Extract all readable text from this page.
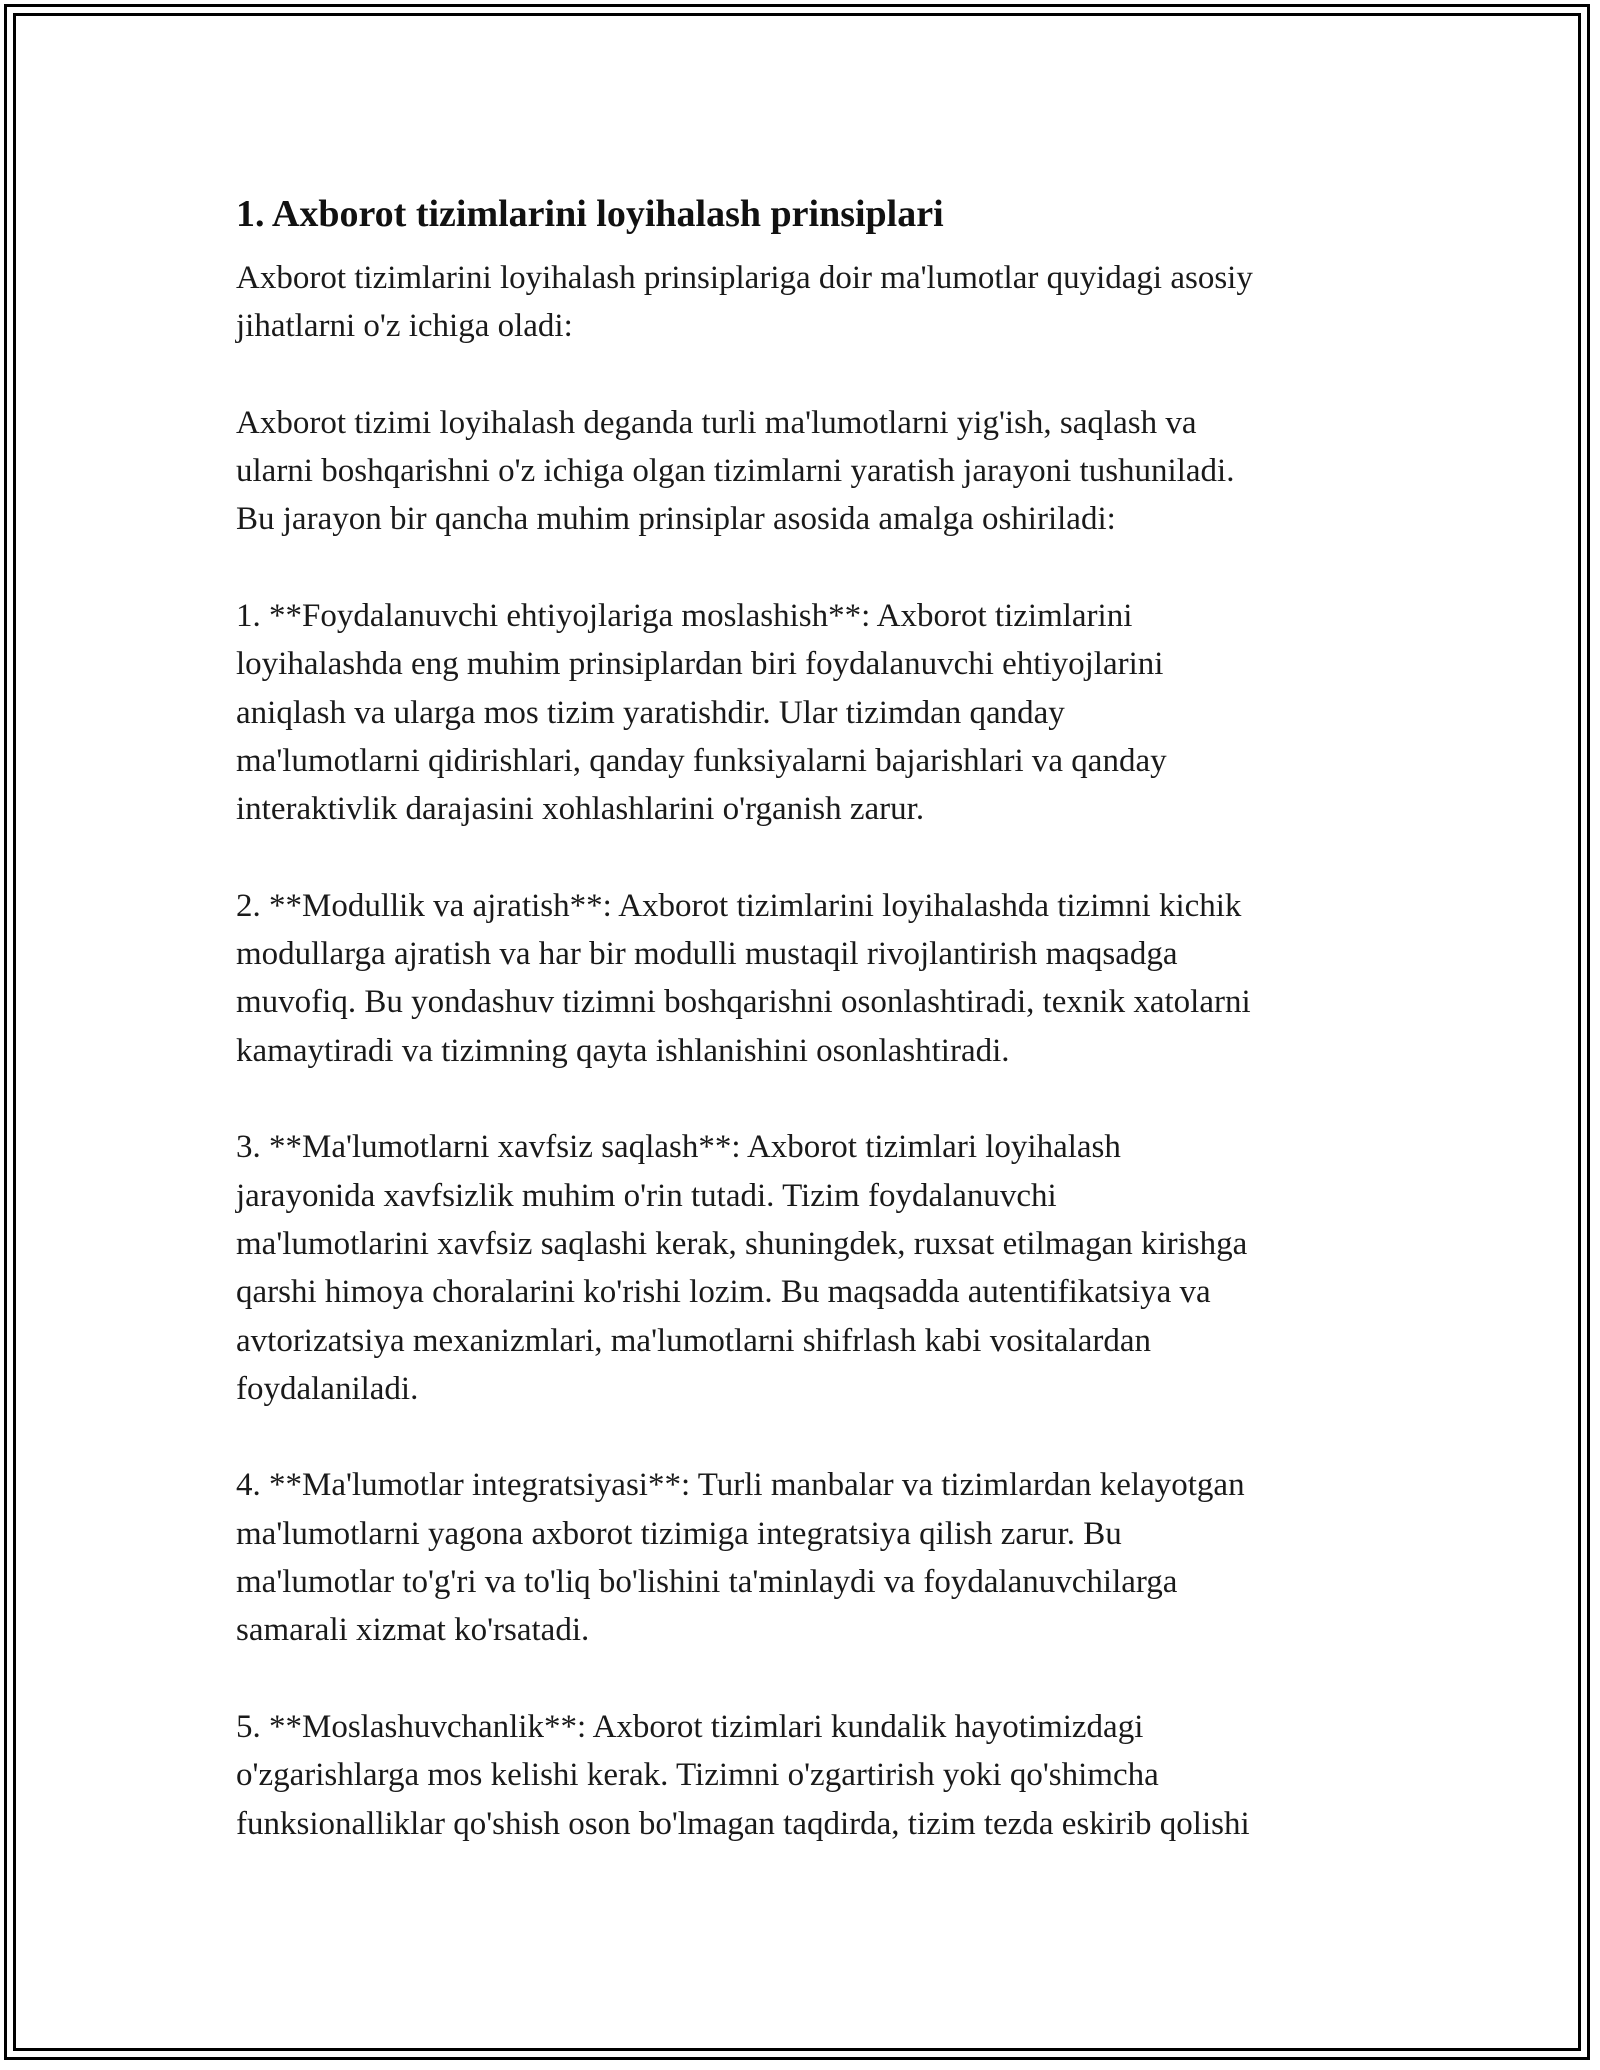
1. Axborot tizimlarini loyihalash prinsiplari

Axborot tizimlarini loyihalash prinsiplariga doir ma'lumotlar quyidagi asosiy
jihatlarni o'z ichiga oladi:

Axborot tizimi loyihalash deganda turli ma'lumotlarni yig'ish, saqlash va
ularni boshqarishni o'z ichiga olgan tizimlarni yaratish jarayoni tushuniladi.
Bu jarayon bir qancha muhim prinsiplar asosida amalga oshiriladi:

1. **Foydalanuvchi ehtiyojlariga moslashish**: Axborot tizimlarini
loyihalashda eng muhim prinsiplardan biri foydalanuvchi ehtiyojlarini
aniqlash va ularga mos tizim yaratishdir. Ular tizimdan qanday
ma'lumotlarni qidirishlari, qanday funksiyalarni bajarishlari va qanday
interaktivlik darajasini xohlashlarini o'rganish zarur.

2. **Modullik va ajratish**: Axborot tizimlarini loyihalashda tizimni kichik
modullarga ajratish va har bir modulli mustaqil rivojlantirish maqsadga
muvofiq. Bu yondashuv tizimni boshqarishni osonlashtiradi, texnik xatolarni
kamaytiradi va tizimning qayta ishlanishini osonlashtiradi.

3. **Ma'lumotlarni xavfsiz saqlash**: Axborot tizimlari loyihalash
jarayonida xavfsizlik muhim o'rin tutadi. Tizim foydalanuvchi
ma'lumotlarini xavfsiz saqlashi kerak, shuningdek, ruxsat etilmagan kirishga
qarshi himoya choralarini ko'rishi lozim. Bu maqsadda autentifikatsiya va
avtorizatsiya mexanizmlari, ma'lumotlarni shifrlash kabi vositalardan
foydalaniladi.

4. **Ma'lumotlar integratsiyasi**: Turli manbalar va tizimlardan kelayotgan
ma'lumotlarni yagona axborot tizimiga integratsiya qilish zarur. Bu
ma'lumotlar to'g'ri va to'liq bo'lishini ta'minlaydi va foydalanuvchilarga
samarali xizmat ko'rsatadi.

5. **Moslashuvchanlik**: Axborot tizimlari kundalik hayotimizdagi
o'zgarishlarga mos kelishi kerak. Tizimni o'zgartirish yoki qo'shimcha
funksionalliklar qo'shish oson bo'lmagan taqdirda, tizim tezda eskirib qolishi
